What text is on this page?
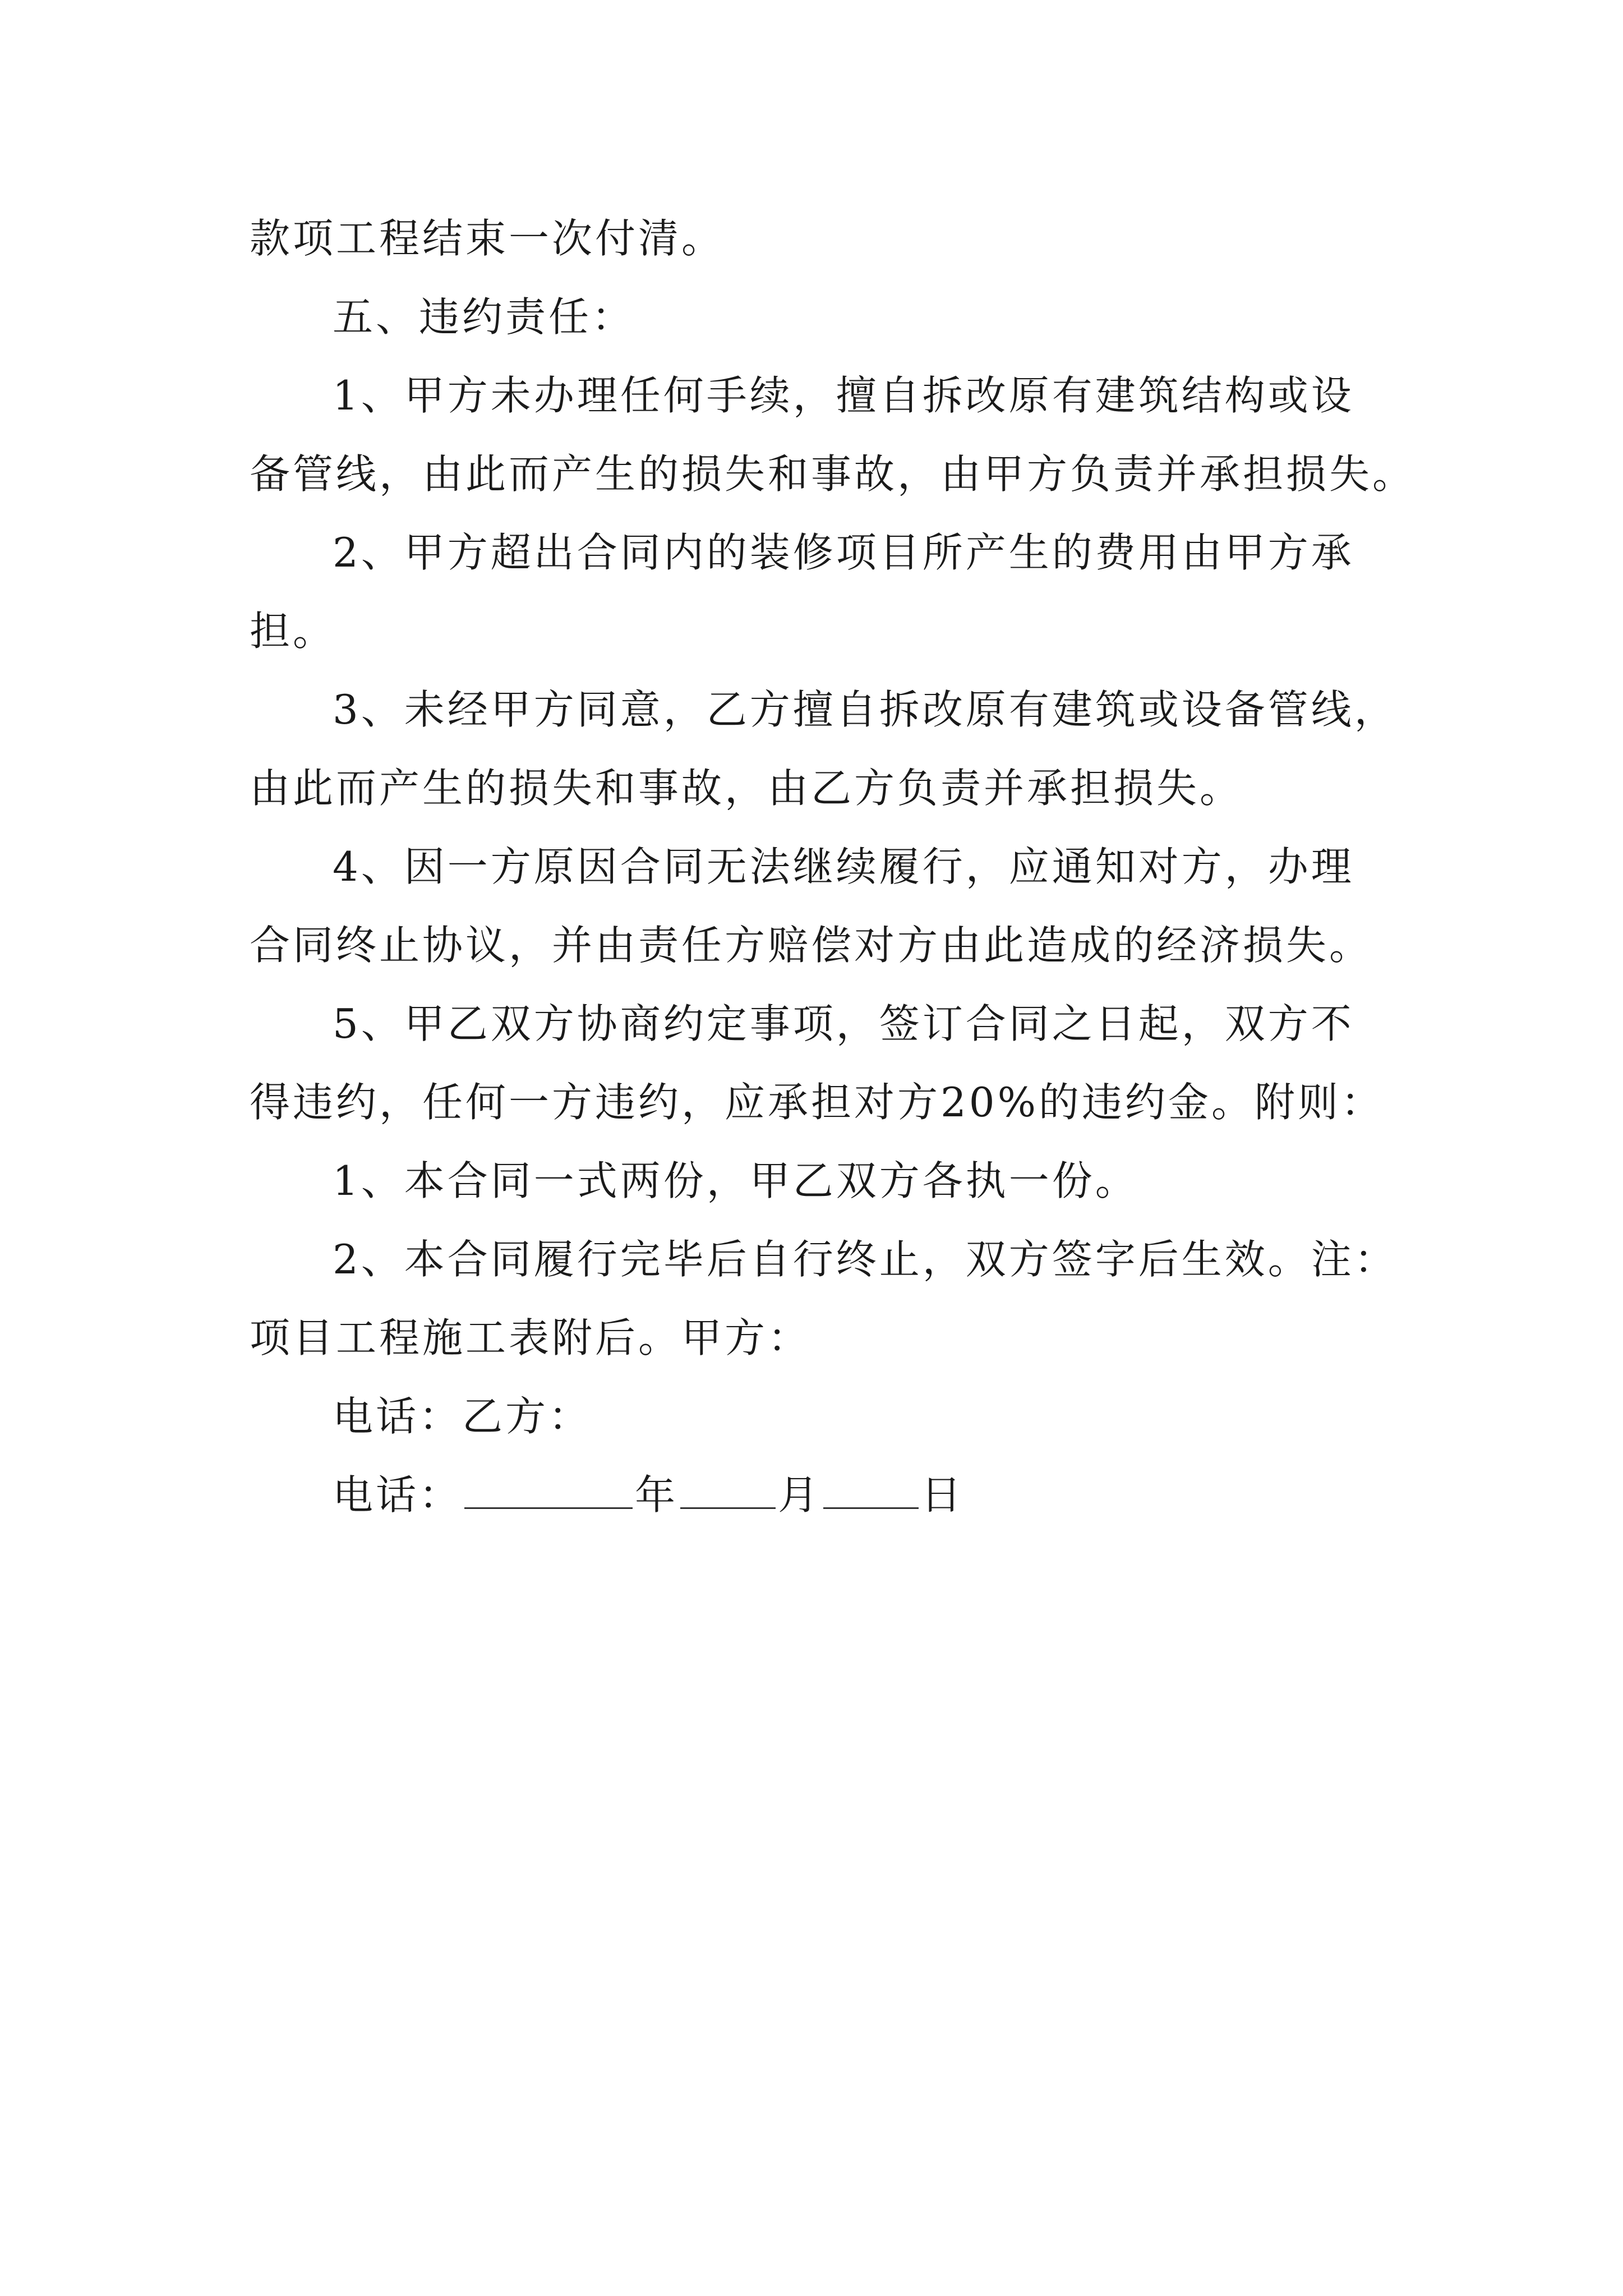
款项工程结束一次付清。
五、违约责任：
1、甲方未办理任何手续，擅自拆改原有建筑结构或设
备管线，由此而产生的损失和事故，由甲方负责并承担损失。
2、甲方超出合同内的装修项目所产生的费用由甲方承
担。
3、未经甲方同意，乙方擅自拆改原有建筑或设备管线，
由此而产生的损失和事故，由乙方负责并承担损失。
4、因一方原因合同无法继续履行，应通知对方，办理
合同终止协议，并由责任方赔偿对方由此造成的经济损失。
5、甲乙双方协商约定事项，签订合同之日起，双方不
得违约，任何一方违约，应承担对方20%的违约金。附则：
1、本合同一式两份，甲乙双方各执一份。
2、本合同履行完毕后自行终止，双方签字后生效。注：
项目工程施工表附后。甲方：
电话：乙方：
电话：	年 月 日
